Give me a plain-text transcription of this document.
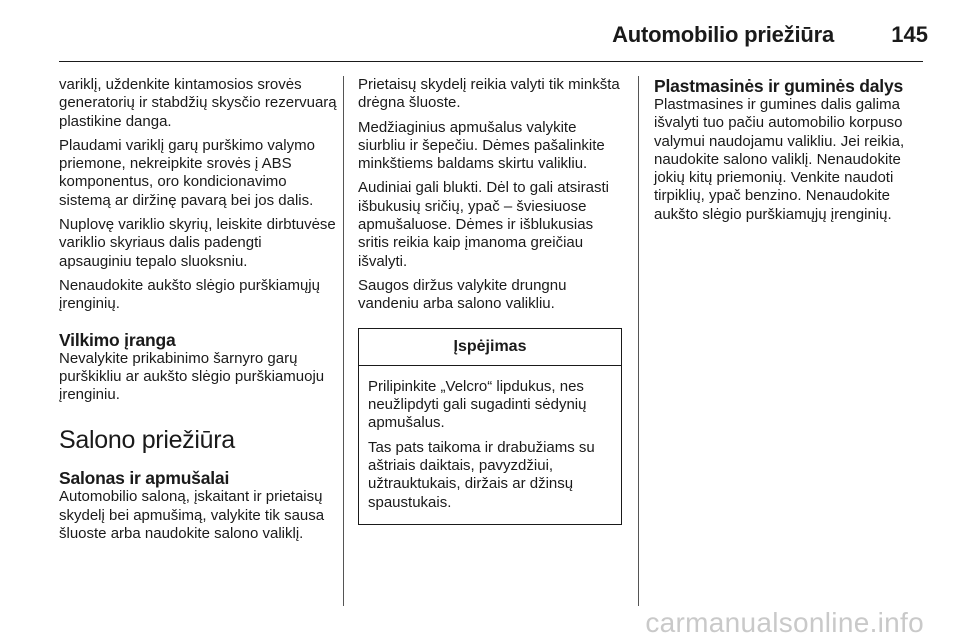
Automobilio priežiūra	145

variklį, uždenkite kintamosios srovės generatorių ir stabdžių skysčio rezervuarą plastikine danga.

Plaudami variklį garų purškimo valymo priemone, nekreipkite srovės į ABS komponentus, oro kondicionavimo sistemą ar diržinę pavarą bei jos dalis.

Nuplovę variklio skyrių, leiskite dirbtuvėse variklio skyriaus dalis padengti apsauginiu tepalo sluoksniu.

Nenaudokite aukšto slėgio purškiamųjų įrenginių.

Vilkimo įranga

Nevalykite prikabinimo šarnyro garų purškikliu ar aukšto slėgio purškiamuoju įrenginiu.

Salono priežiūra
Salonas ir apmušalai

Automobilio saloną, įskaitant ir prietaisų skydelį bei apmušimą, valykite tik sausa šluoste arba naudokite salono valiklį.

Prietaisų skydelį reikia valyti tik minkšta drėgna šluoste.

Medžiaginius apmušalus valykite siurbliu ir šepečiu. Dėmes pašalinkite minkštiems baldams skirtu valikliu.

Audiniai gali blukti. Dėl to gali atsirasti išbukusių sričių, ypač – šviesiuose apmušaluose. Dėmes ir išblukusias sritis reikia kaip įmanoma greičiau išvalyti.

Saugos diržus valykite drungnu vandeniu arba salono valikliu.

Įspėjimas

Prilipinkite „Velcro“ lipdukus, nes neužlipdyti gali sugadinti sėdynių apmušalus.

Tas pats taikoma ir drabužiams su aštriais daiktais, pavyzdžiui, užtrauktukais, diržais ar džinsų spaustukais.

Plastmasinės ir guminės dalys

Plastmasines ir gumines dalis galima išvalyti tuo pačiu automobilio korpuso valymui naudojamu valikliu. Jei reikia, naudokite salono valiklį. Nenaudokite jokių kitų priemonių. Venkite naudoti tirpiklių, ypač benzino. Nenaudokite aukšto slėgio purškiamųjų įrenginių.

carmanualsonline.info
